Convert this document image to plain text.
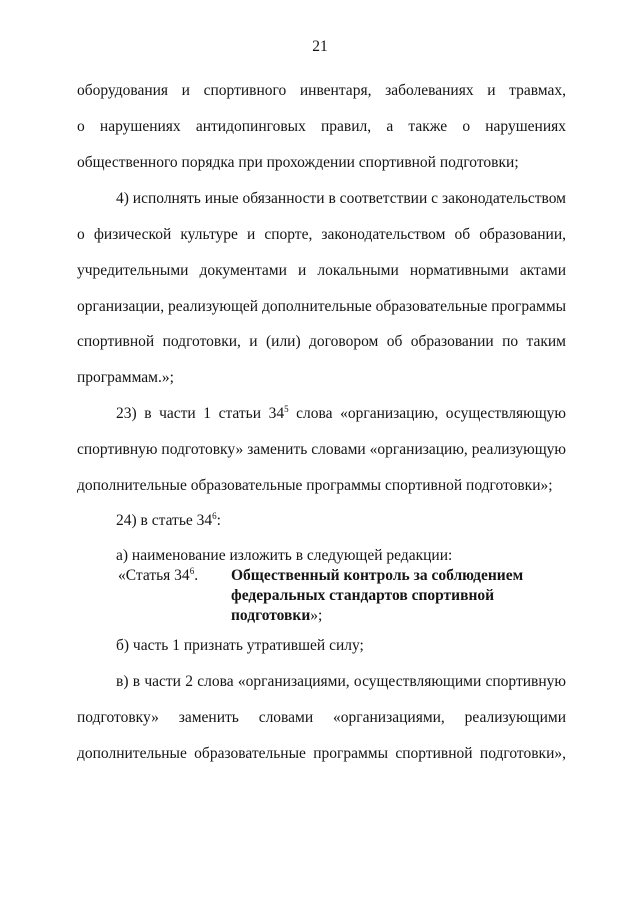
21
оборудования и спортивного инвентаря, заболеваниях и травмах,
о нарушениях антидопинговых правил, а также о нарушениях
общественного порядка при прохождении спортивной подготовки;
4) исполнять иные обязанности в соответствии с законодательством
о физической культуре и спорте, законодательством об образовании,
учредительными документами и локальными нормативными актами
организации, реализующей дополнительные образовательные программы
спортивной подготовки, и (или) договором об образовании по таким
программам.»;
23) в части 1 статьи $34^5$ слова «организацию, осуществляющую
спортивную подготовку» заменить словами «организацию, реализующую
дополнительные образовательные программы спортивной подготовки»;
24) в статье $34^6$:
а) наименование изложить в следующей редакции:
«Статья $34^6$. Общественный контроль за соблюдением
федеральных стандартов спортивной
подготовки»;
б) часть 1 признать утратившей силу;
в) в части 2 слова «организациями, осуществляющими спортивную
подготовку» заменить словами «организациями, реализующими
дополнительные образовательные программы спортивной подготовки»,
